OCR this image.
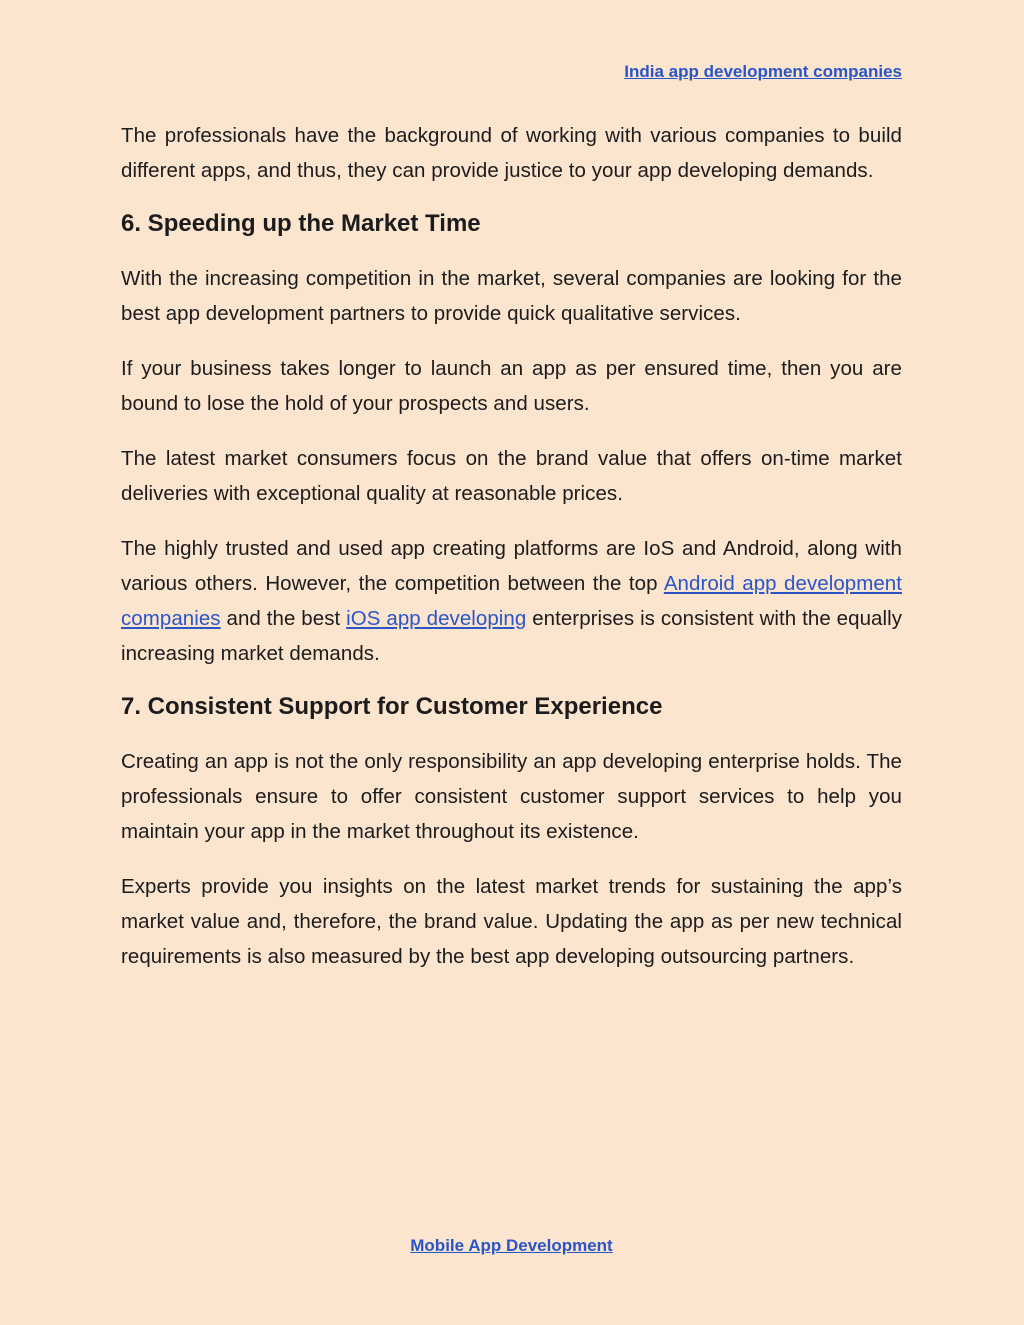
India app development companies

The professionals have the background of working with various companies to build different apps, and thus, they can provide justice to your app developing demands.

6. Speeding up the Market Time

With the increasing competition in the market, several companies are looking for the best app development partners to provide quick qualitative services.

If your business takes longer to launch an app as per ensured time, then you are bound to lose the hold of your prospects and users.

The latest market consumers focus on the brand value that offers on-time market deliveries with exceptional quality at reasonable prices.

The highly trusted and used app creating platforms are IoS and Android, along with various others. However, the competition between the top Android app development companies and the best iOS app developing enterprises is consistent with the equally increasing market demands.

7. Consistent Support for Customer Experience

Creating an app is not the only responsibility an app developing enterprise holds. The professionals ensure to offer consistent customer support services to help you maintain your app in the market throughout its existence.

Experts provide you insights on the latest market trends for sustaining the app’s market value and, therefore, the brand value. Updating the app as per new technical requirements is also measured by the best app developing outsourcing partners.

Mobile App Development
